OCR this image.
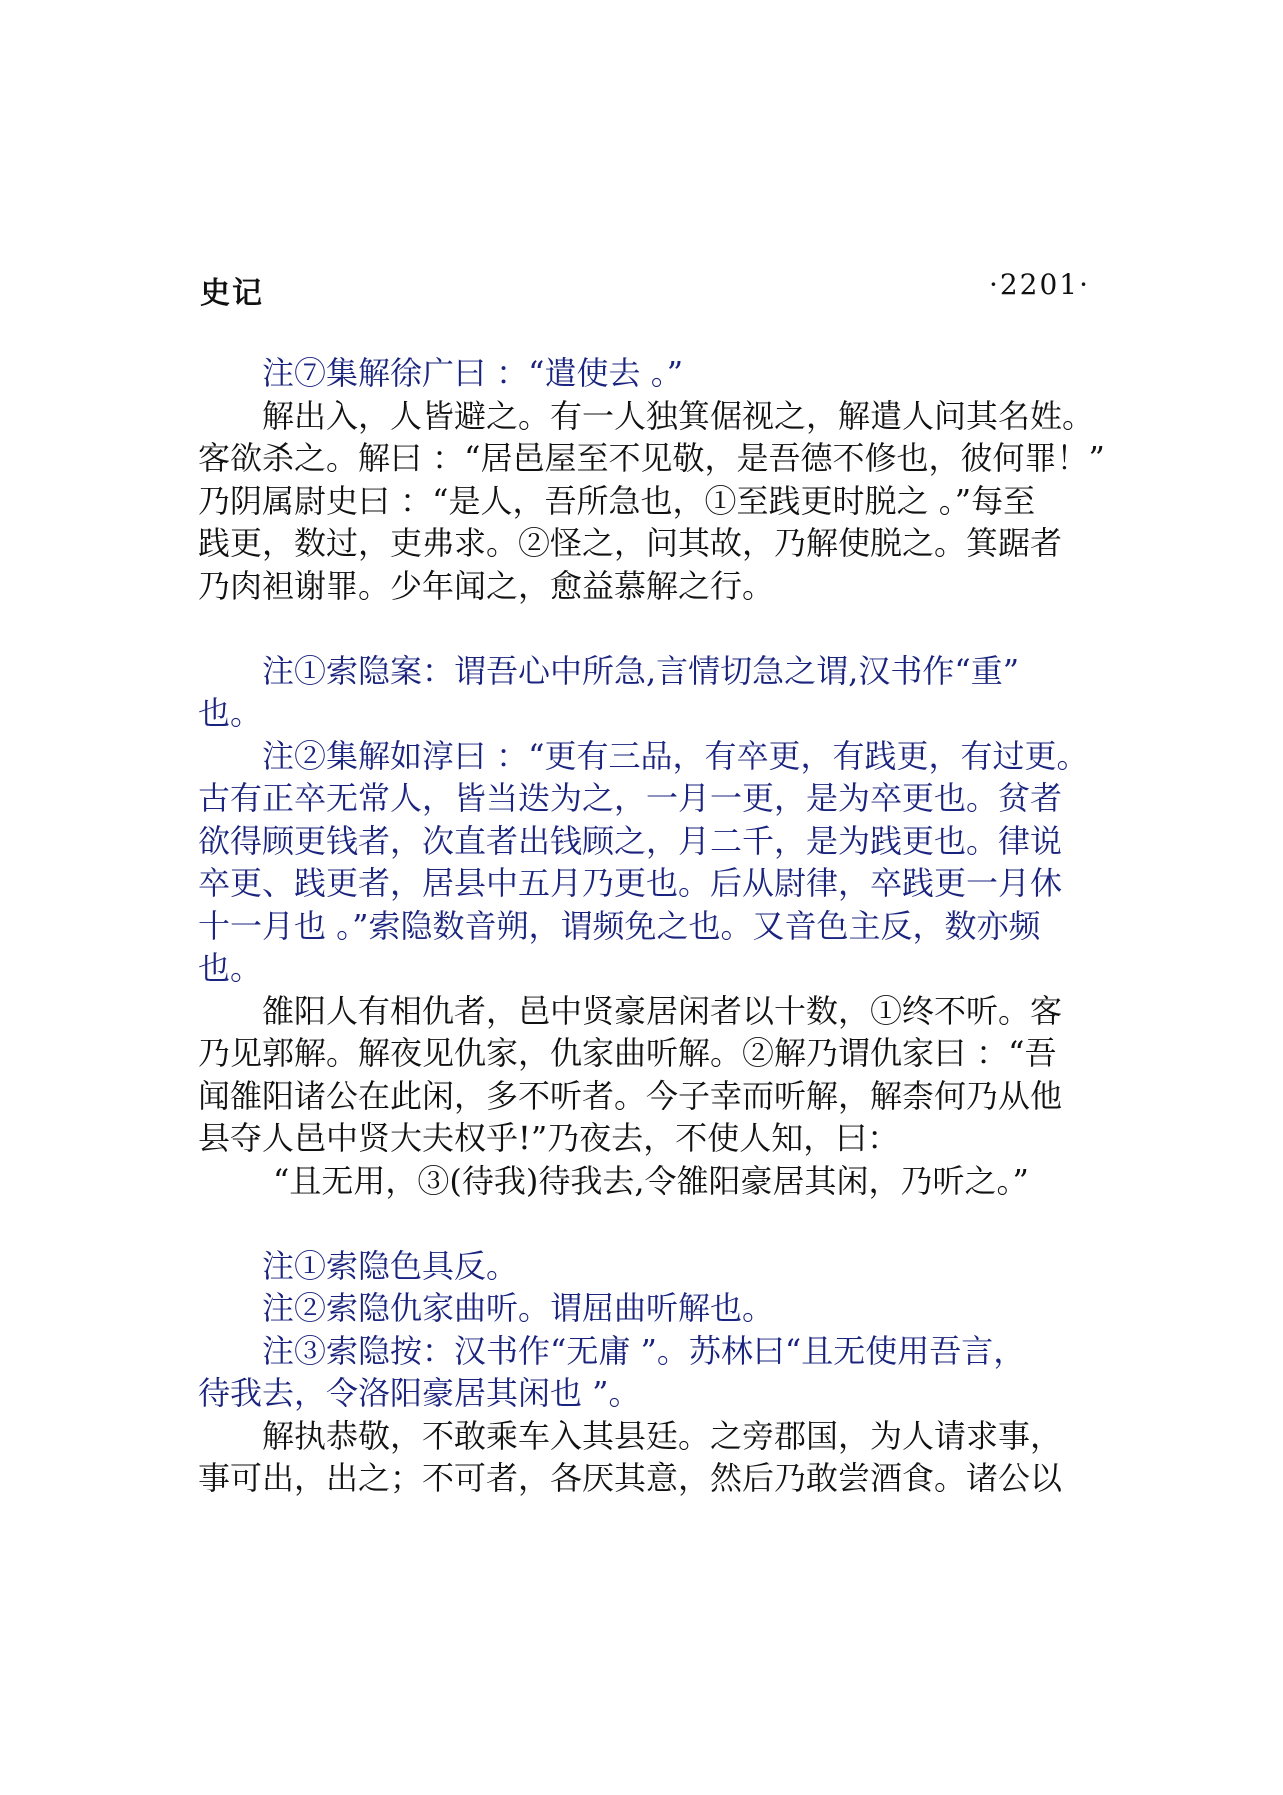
史记	·2201·
注⑦集解徐广曰 ：“遣使去 。”
解出入，人皆避之。有一人独箕倨视之，解遣人问其名姓。
客欲杀之。解曰 ：“居邑屋至不见敬，是吾德不修也，彼何罪！”
乃阴属尉史曰 ：“是人，吾所急也，①至践更时脱之 。”每至
践更，数过，吏弗求。②怪之，问其故，乃解使脱之。箕踞者
乃肉袒谢罪。少年闻之，愈益慕解之行。
注①索隐案：谓吾心中所急,言情切急之谓,汉书作“重”
也。
注②集解如淳曰 ：“更有三品，有卒更，有践更，有过更。
古有正卒无常人，皆当迭为之，一月一更，是为卒更也。贫者
欲得顾更钱者，次直者出钱顾之，月二千，是为践更也。律说
卒更、践更者，居县中五月乃更也。后从尉律，卒践更一月休
十一月也 。”索隐数音朔，谓频免之也。又音色主反，数亦频
也。
雒阳人有相仇者，邑中贤豪居闲者以十数，①终不听。客
乃见郭解。解夜见仇家，仇家曲听解。②解乃谓仇家曰 ：“吾
闻雒阳诸公在此闲，多不听者。今子幸而听解，解柰何乃从他
县夺人邑中贤大夫权乎!”乃夜去，不使人知，曰：
“且无用，③(待我)待我去,令雒阳豪居其闲，乃听之。”
注①索隐色具反。
注②索隐仇家曲听。谓屈曲听解也。
注③索隐按：汉书作“无庸 ”。苏林曰“且无使用吾言，
待我去，令洛阳豪居其闲也 ”。
解执恭敬，不敢乘车入其县廷。之旁郡国，为人请求事，
事可出，出之；不可者，各厌其意，然后乃敢尝酒食。诸公以
